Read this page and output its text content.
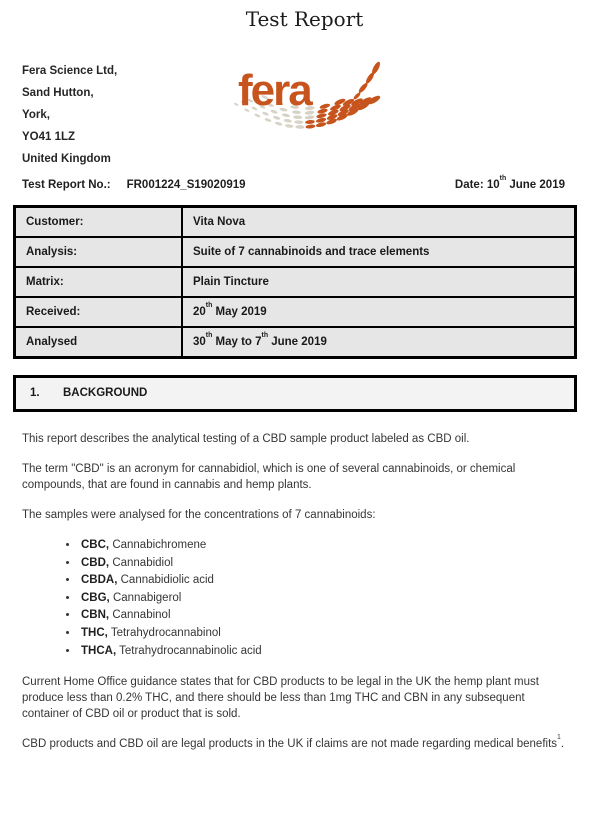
Test Report
Fera Science Ltd,
Sand Hutton,
York,
YO41 1LZ
United Kingdom
fera
Test Report No.: FR001224_S19020919	Date: 10th June 2019
Customer:	Vita Nova
Analysis:	Suite of 7 cannabinoids and trace elements
Matrix:	Plain Tincture
Received:	20th May 2019
Analysed	30th May to 7th June 2019
1.	BACKGROUND

This report describes the analytical testing of a CBD sample product labeled as CBD oil.

The term "CBD" is an acronym for cannabidiol, which is one of several cannabinoids, or chemical compounds, that are found in cannabis and hemp plants.

The samples were analysed for the concentrations of 7 cannabinoids:

• CBC, Cannabichromene
• CBD, Cannabidiol
• CBDA, Cannabidiolic acid
• CBG, Cannabigerol
• CBN, Cannabinol
• THC, Tetrahydrocannabinol
• THCA, Tetrahydrocannabinolic acid

Current Home Office guidance states that for CBD products to be legal in the UK the hemp plant must produce less than 0.2% THC, and there should be less than 1mg THC and CBN in any subsequent container of CBD oil or product that is sold.

CBD products and CBD oil are legal products in the UK if claims are not made regarding medical benefits$^1$.
